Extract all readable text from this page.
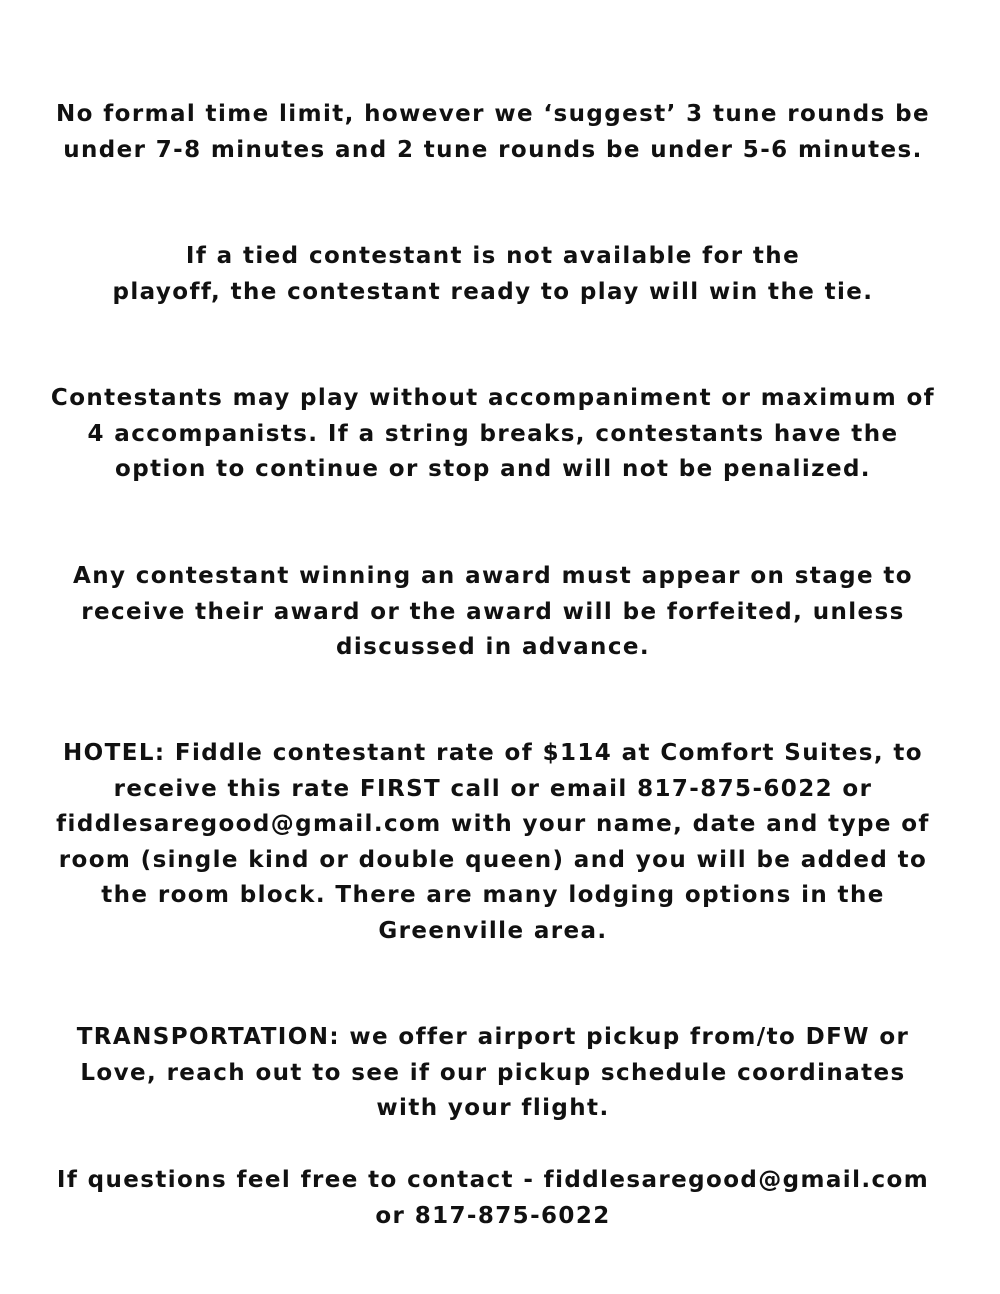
No formal time limit, however we ‘suggest’ 3 tune rounds be
under 7-8 minutes and 2 tune rounds be under 5-6 minutes.
If a tied contestant is not available for the
playoff, the contestant ready to play will win the tie.
Contestants may play without accompaniment or maximum of
4 accompanists. If a string breaks, contestants have the
option to continue or stop and will not be penalized.
Any contestant winning an award must appear on stage to
receive their award or the award will be forfeited, unless
discussed in advance.
HOTEL: Fiddle contestant rate of $114 at Comfort Suites, to
receive this rate FIRST call or email 817-875-6022 or
fiddlesaregood@gmail.com with your name, date and type of
room (single kind or double queen) and you will be added to
the room block. There are many lodging options in the
Greenville area.
TRANSPORTATION: we offer airport pickup from/to DFW or
Love, reach out to see if our pickup schedule coordinates
with your flight.
If questions feel free to contact - fiddlesaregood@gmail.com
or 817-875-6022
